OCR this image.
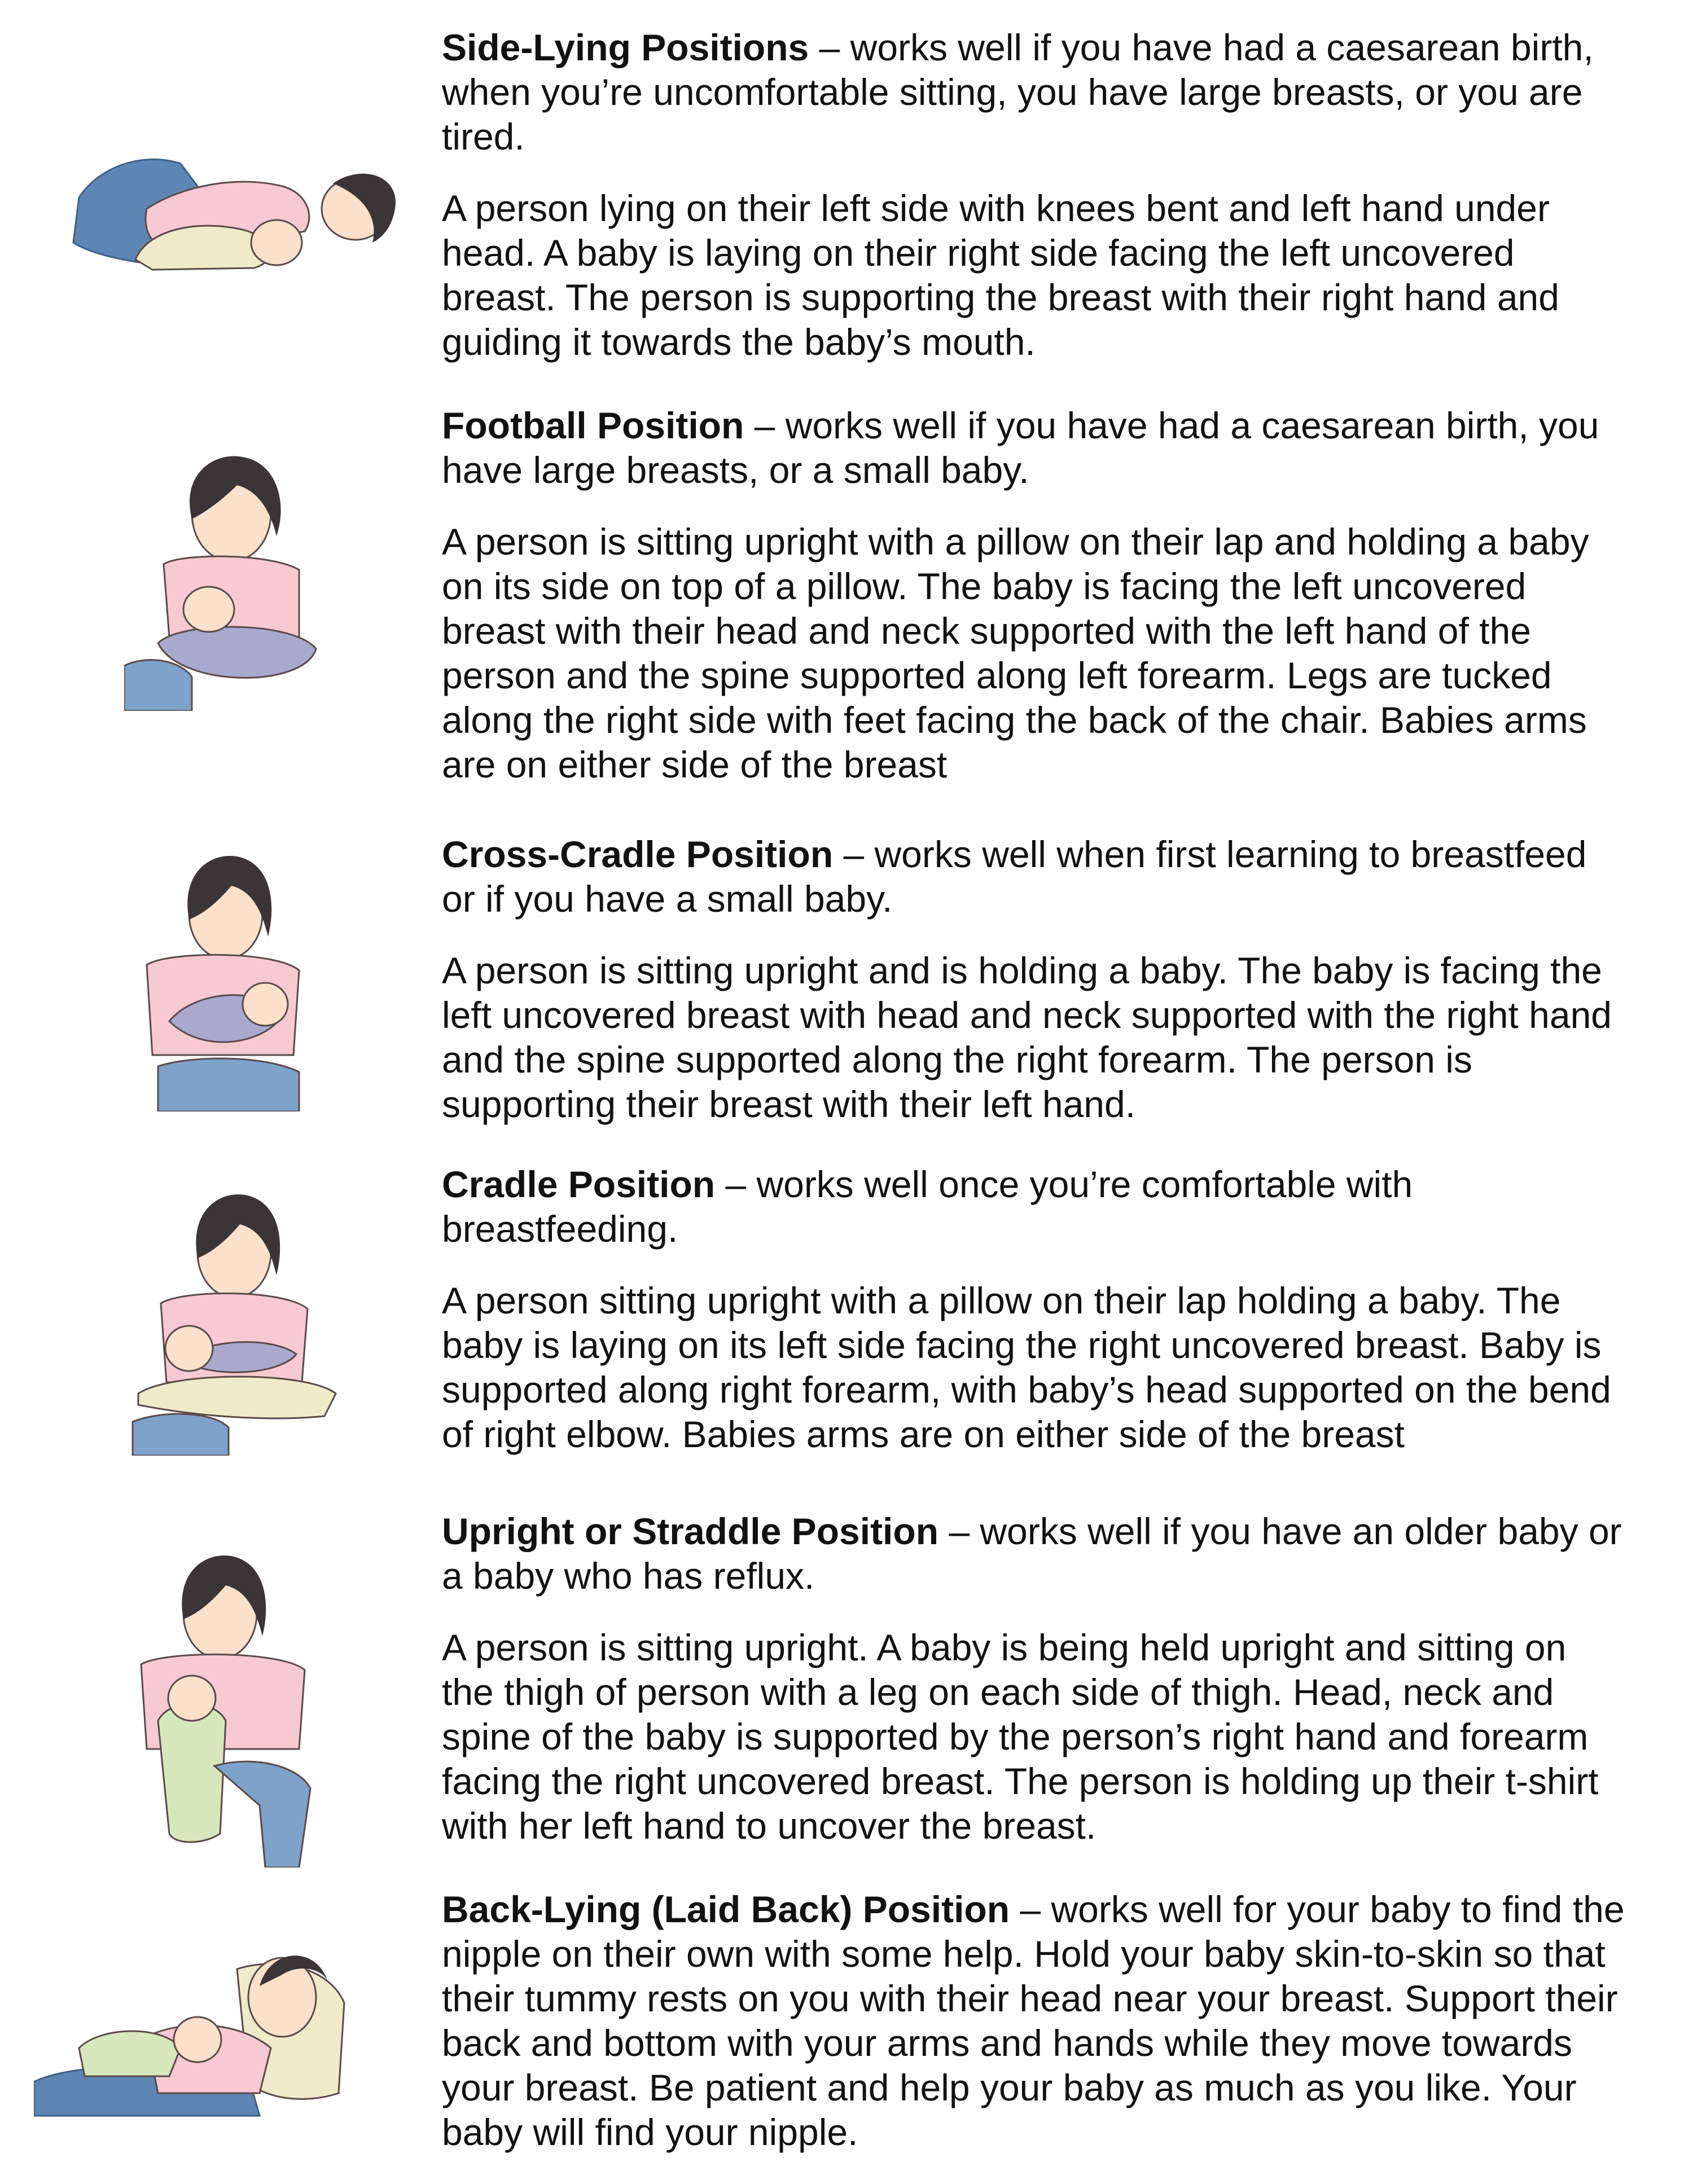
Side-Lying Positions – works well if you have had a caesarean birth, when you’re uncomfortable sitting, you have large breasts, or you are tired.

A person lying on their left side with knees bent and left hand under head. A baby is laying on their right side facing the left uncovered breast. The person is supporting the breast with their right hand and guiding it towards the baby’s mouth.

Football Position – works well if you have had a caesarean birth, you have large breasts, or a small baby.

A person is sitting upright with a pillow on their lap and holding a baby on its side on top of a pillow. The baby is facing the left uncovered breast with their head and neck supported with the left hand of the person and the spine supported along left forearm. Legs are tucked along the right side with feet facing the back of the chair. Babies arms are on either side of the breast

Cross-Cradle Position – works well when first learning to breastfeed or if you have a small baby.

A person is sitting upright and is holding a baby. The baby is facing the left uncovered breast with head and neck supported with the right hand and the spine supported along the right forearm. The person is supporting their breast with their left hand.

Cradle Position – works well once you’re comfortable with breastfeeding.

A person sitting upright with a pillow on their lap holding a baby. The baby is laying on its left side facing the right uncovered breast. Baby is supported along right forearm, with baby’s head supported on the bend of right elbow. Babies arms are on either side of the breast

Upright or Straddle Position – works well if you have an older baby or a baby who has reflux.

A person is sitting upright. A baby is being held upright and sitting on the thigh of person with a leg on each side of thigh. Head, neck and spine of the baby is supported by the person’s right hand and forearm facing the right uncovered breast. The person is holding up their t-shirt with her left hand to uncover the breast.

Back-Lying (Laid Back) Position – works well for your baby to find the nipple on their own with some help. Hold your baby skin-to-skin so that their tummy rests on you with their head near your breast. Support their back and bottom with your arms and hands while they move towards your breast. Be patient and help your baby as much as you like. Your baby will find your nipple.
